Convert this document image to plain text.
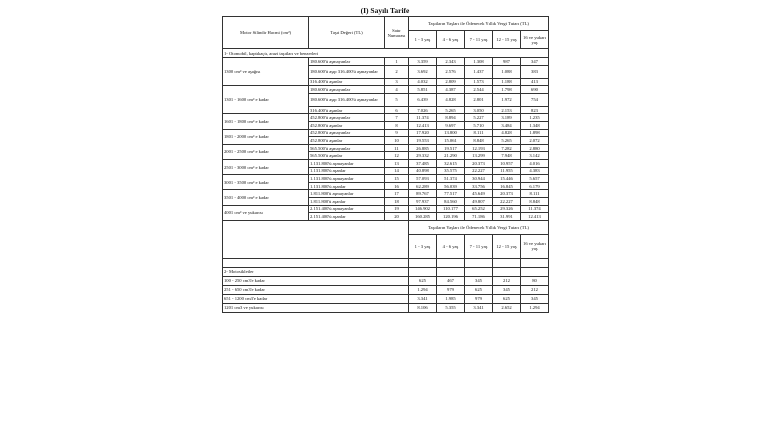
(I) Sayılı Tarife
Motor Silindir Hacmi (cm³)	Taşıt Değeri (TL)	Satır Numarası	Taşıtların Yaşları ile Ödenecek Yıllık Vergi Tutarı (TL)				
			1 - 3 yaş	4 - 6 yaş	7 - 11 yaş	12 - 15 yaş	16 ve yukarı yaş
1- Otomobil, kaptıkaçtı, arazi taşıtları ve benzerleri							
1300 cm³ ve aşağısı	180.600'ü aşmayanlar	1	3.359	2.343	1.308	987	347
	180.600'ü aşıp 316.400'ü aşmayanlar	2	3.692	2.576	1.437	1.088	383
	316.400'ü aşanlar	3	4.032	2.809	1.573	1.188	413
1301 - 1600 cm³ e kadar	180.600'ü aşmayanlar	4	5.851	4.387	2.544	1.798	690
	180.600'ü aşıp 316.400'ü aşmayanlar	5	6.439	4.828	2.801	1.972	754
	316.400'ü aşanlar	6	7.026	5.265	3.050	2.153	823
1601 - 1800 cm³ e kadar	452.800'ü aşmayanlar	7	11.374	8.894	5.227	3.189	1.235
	452.800'ü aşanlar	8	12.413	9.697	5.710	3.484	1.348
1801 - 2000 cm³ e kadar	452.800'ü aşmayanlar	9	17.920	13.800	8.111	4.828	1.898
	452.800'ü aşanlar	10	19.553	15.061	8.848	5.265	2.072
2001 - 2500 cm³ e kadar	565.500'ü aşmayanlar	11	26.885	19.517	12.193	7.282	2.880
	565.500'ü aşanlar	12	29.332	21.290	13.299	7.948	3.142
2501 - 3000 cm³ e kadar	1.131.800'ü aşmayanlar	13	37.485	32.615	20.373	10.957	4.016
	1.131.800'ü aşanlar	14	40.898	35.575	22.227	11.955	4.383
3001 - 3500 cm³ e kadar	1.131.800'ü aşmayanlar	15	57.093	51.374	30.944	15.446	5.657
	1.131.800'ü aşanlar	16	62.289	56.039	33.756	16.845	6.179
3501 - 4000 cm³ e kadar	1.811.800'ü aşmayanlar	17	89.767	77.517	45.649	20.373	8.111
	1.811.800'ü aşanlar	18	97.937	84.560	49.807	22.227	8.848
4001 cm³ ve yukarısı	2.151.400'ü aşmayanlar	19	146.902	110.177	65.252	29.326	11.374
	2.151.400'ü aşanlar	20	160.285	120.196	71.186	31.991	12.413
			Taşıtların Yaşları ile Ödenecek Yıllık Vergi Tutarı (TL)				
			1 - 3 yaş	4 - 6 yaş	7 - 11 yaş	12 - 15 yaş	16 ve yukarı yaş

2- Motosikletler							
100 - 250 cm3'e kadar			625	467	345	212	80
251 - 650 cm3'e kadar			1.294	979	625	345	212
651 - 1200 cm3'e kadar			3.341	1.985	979	625	345
1201 cm3 ve yukarısı			8.106	5.355	3.341	2.652	1.294
